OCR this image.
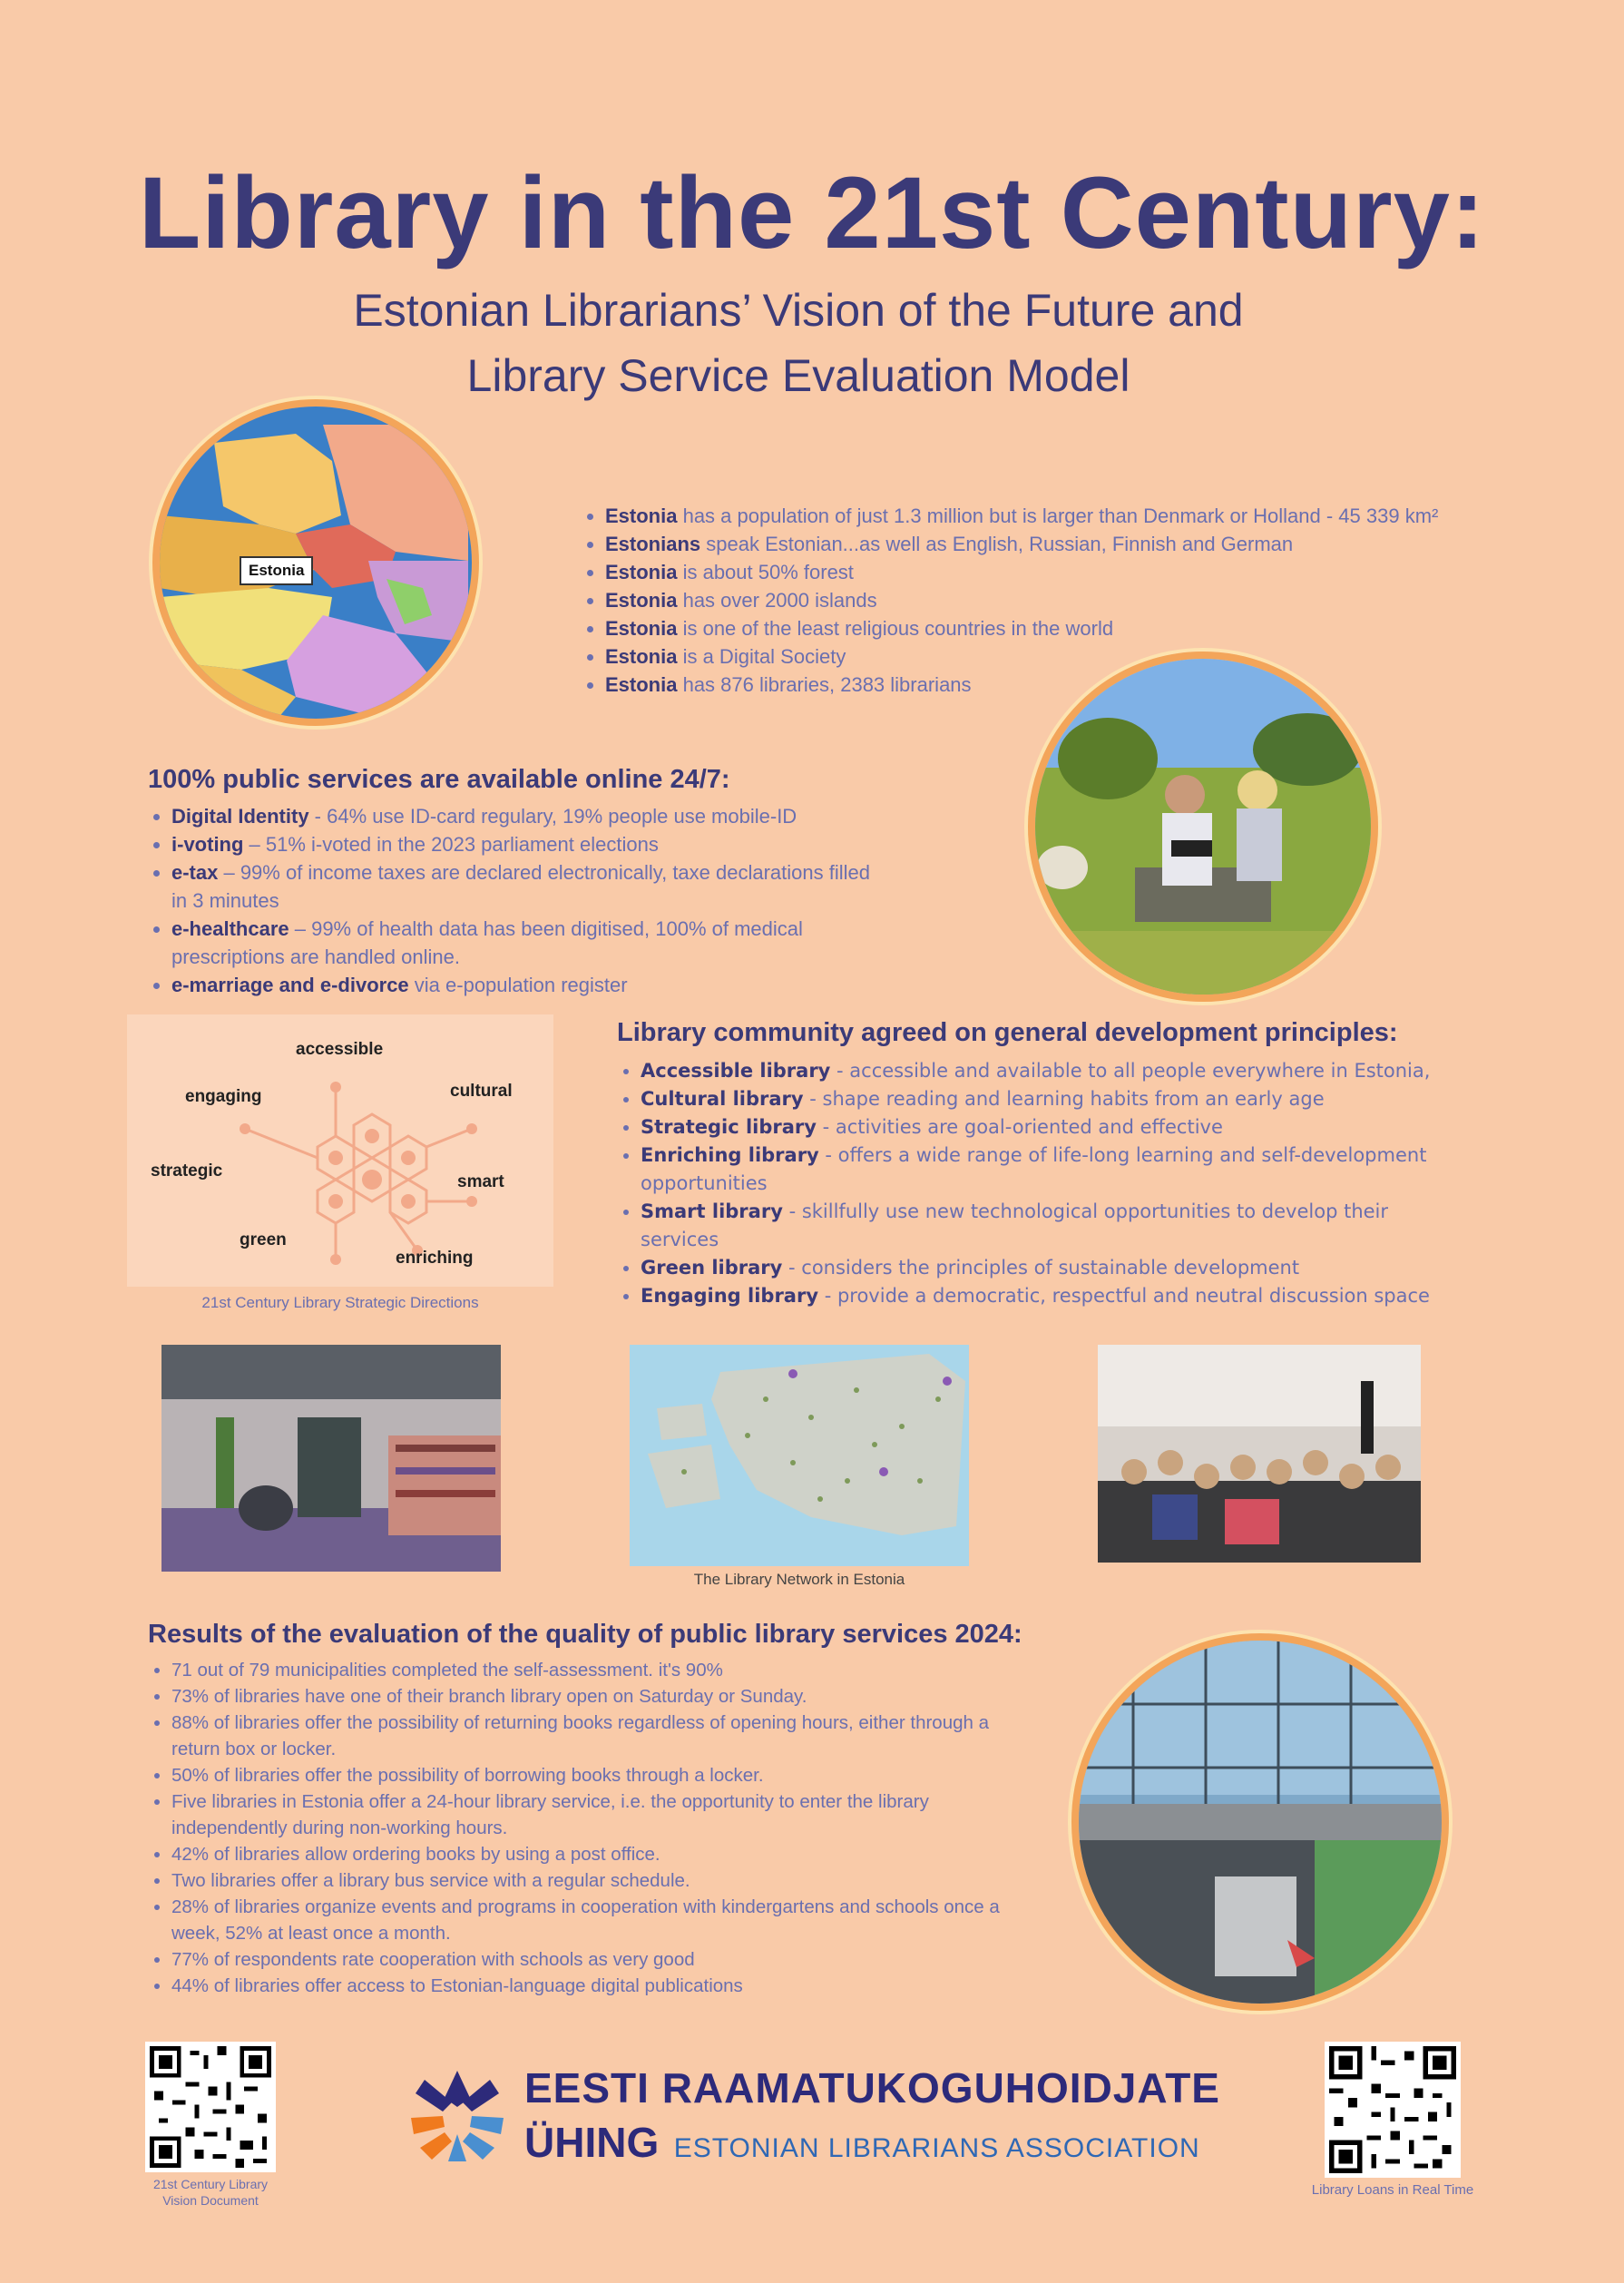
Library in the 21st Century:
Estonian Librarians’ Vision of the Future and
Library Service Evaluation Model
Estonia
• Estonia has a population of just 1.3 million but is larger than Denmark or Holland - 45 339 km²
• Estonians speak Estonian...as well as English, Russian, Finnish and German
• Estonia is about 50% forest
• Estonia has over 2000 islands
• Estonia is one of the least religious countries in the world
• Estonia is a Digital Society
• Estonia has 876 libraries, 2383 librarians
100% public services are available online 24/7:
• Digital Identity - 64% use ID-card regulary, 19% people use mobile-ID
• i-voting – 51% i-voted in the 2023 parliament elections
• e-tax – 99% of income taxes are declared electronically, taxe declarations filled in 3 minutes
• e-healthcare – 99% of health data has been digitised, 100% of medical prescriptions are handled online.
• e-marriage and e-divorce via e-population register
accessible
engaging	cultural
strategic
smart
green
enriching
21st Century Library Strategic Directions
Library community agreed on general development principles:
• Accessible library - accessible and available to all people everywhere in Estonia,
• Cultural library - shape reading and learning habits from an early age
• Strategic library - activities are goal-oriented and effective
• Enriching library - offers a wide range of life-long learning and self-development opportunities
• Smart library - skillfully use new technological opportunities to develop their services
• Green library - considers the principles of sustainable development
• Engaging library - provide a democratic, respectful and neutral discussion space
The Library Network in Estonia
Results of the evaluation of the quality of public library services 2024:
• 71 out of 79 municipalities completed the self-assessment. it's 90%
• 73% of libraries have one of their branch library open on Saturday or Sunday.
• 88% of libraries offer the possibility of returning books regardless of opening hours, either through a return box or locker.
• 50% of libraries offer the possibility of borrowing books through a locker.
• Five libraries in Estonia offer a 24-hour library service, i.e. the opportunity to enter the library independently during non-working hours.
• 42% of libraries allow ordering books by using a post office.
• Two libraries offer a library bus service with a regular schedule.
• 28% of libraries organize events and programs in cooperation with kindergartens and schools once a week, 52% at least once a month.
• 77% of respondents rate cooperation with schools as very good
• 44% of libraries offer access to Estonian-language digital publications
21st Century Library
Vision Document
Library Loans in Real Time
EESTI RAAMATUKOGUHOIDJATE
ÜHING ESTONIAN LIBRARIANS ASSOCIATION
